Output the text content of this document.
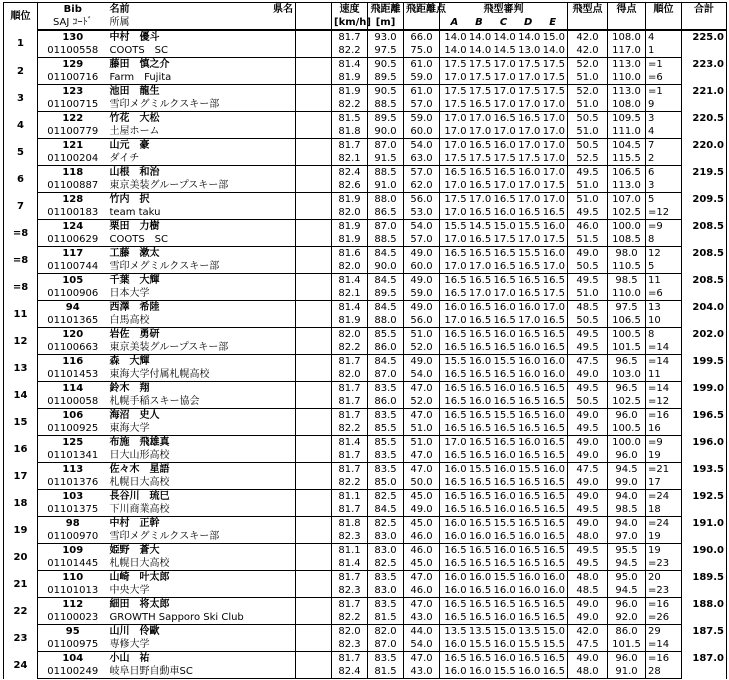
順位	Bib	名前 県名		速度	飛距離	飛距離点	飛型審判	飛型点	得点	順位	合計
	SAJ ｺｰﾄﾞ	所属		[km/h]	[m]		A B C D E				
1	130	中村　優斗		81.7	93.0	66.0	14.0 14.0 14.0 14.0 15.0	42.0	108.0	4	225.0
	01100558	COOTS　SC		82.2	97.5	75.0	14.0 14.0 14.5 13.0 14.0	42.0	117.0	1	
2	129	藤田　慎之介		81.4	90.5	61.0	17.5 17.5 17.0 17.5 17.5	52.0	113.0	=1	223.0
	01100716	Farm　Fujita		81.9	89.5	59.0	17.0 17.5 17.0 17.0 17.5	51.0	110.0	=6	
3	123	池田　龍生		81.9	90.5	61.0	17.5 17.5 17.0 17.5 17.5	52.0	113.0	=1	221.0
	01100715	雪印メグミルクスキー部		82.2	88.5	57.0	17.5 16.5 17.0 17.0 17.0	51.0	108.0	9	
4	122	竹花　大松		81.5	89.5	59.0	17.0 17.0 16.5 16.5 17.0	50.5	109.5	3	220.5
	01100779	土屋ホーム		81.8	90.0	60.0	17.0 17.0 17.0 17.0 17.0	51.0	111.0	4	
5	121	山元　豪		81.7	87.0	54.0	17.0 16.5 16.0 17.0 17.0	50.5	104.5	7	220.0
	01100204	ダイチ		82.1	91.5	63.0	17.5 17.5 17.5 17.5 17.0	52.5	115.5	2	
6	118	山根　和治		82.4	88.5	57.0	16.5 16.5 16.5 16.0 17.0	49.5	106.5	6	219.5
	01100887	東京美装グループスキー部		82.6	91.0	62.0	17.0 16.5 17.0 17.0 17.5	51.0	113.0	3	
7	128	竹内　択		81.9	88.0	56.0	17.5 17.0 16.5 17.0 17.0	51.0	107.0	5	209.5
	01100183	team taku		82.0	86.5	53.0	17.0 16.5 16.0 16.5 16.5	49.5	102.5	=12	
=8	124	栗田　力樹		81.9	87.0	54.0	15.5 14.5 15.0 15.5 16.0	46.0	100.0	=9	208.5
	01100629	COOTS　SC		81.9	88.5	57.0	17.0 16.5 17.5 17.0 17.5	51.5	108.5	8	
=8	117	工藤　漱太		81.6	84.5	49.0	16.5 16.5 16.5 15.5 16.0	49.0	98.0	12	208.5
	01100744	雪印メグミルクスキー部		82.0	90.0	60.0	17.0 17.0 16.5 16.5 17.0	50.5	110.5	5	
=8	105	千葉　大輝		81.4	84.5	49.0	16.5 16.5 16.5 16.5 16.5	49.5	98.5	11	208.5
	01100906	日本大学		82.1	89.5	59.0	16.5 17.0 17.0 16.5 17.5	51.0	110.0	=6	
11	94	西澤　希陸		81.4	84.5	49.0	16.0 16.5 16.0 16.0 17.0	48.5	97.5	13	204.0
	01101365	白馬高校		81.9	88.0	56.0	17.0 16.5 16.5 17.0 16.5	50.5	106.5	10	
12	120	岩佐　勇研		82.0	85.5	51.0	16.5 16.5 16.0 16.5 16.5	49.5	100.5	8	202.0
	01100663	東京美装グループスキー部		82.2	86.0	52.0	16.5 16.5 16.5 16.0 16.5	49.5	101.5	=14	
13	116	森　大輝		81.7	84.5	49.0	15.5 16.0 15.5 16.0 16.0	47.5	96.5	=14	199.5
	01101453	東海大学付属札幌高校		82.0	87.0	54.0	16.5 16.5 16.5 16.0 16.0	49.0	103.0	11	
14	114	鈴木　翔		81.7	83.5	47.0	16.5 16.5 16.0 16.5 16.5	49.5	96.5	=14	199.0
	01100058	札幌手稲スキー協会		81.7	86.0	52.0	16.5 16.0 16.5 16.5 16.5	50.5	102.5	=12	
15	106	海沼　史人		81.7	83.5	47.0	16.5 16.5 15.5 16.5 16.0	49.0	96.0	=16	196.5
	01100925	東海大学		82.2	85.5	51.0	16.5 16.5 16.5 16.5 16.5	49.5	100.5	16	
16	125	布施　飛雄真		81.4	85.5	51.0	17.0 16.5 16.5 16.0 16.5	49.0	100.0	=9	196.0
	01101341	日大山形高校		81.7	83.5	47.0	16.5 16.5 16.0 16.5 16.5	49.0	96.0	19	
17	113	佐々木　星語		81.7	83.5	47.0	16.0 15.5 16.0 15.5 16.0	47.5	94.5	=21	193.5
	01101376	札幌日大高校		82.2	85.0	50.0	16.5 16.5 16.5 16.5 16.5	49.0	99.0	17	
18	103	長谷川　琉巳		81.1	82.5	45.0	16.5 16.5 16.0 16.5 16.5	49.0	94.0	=24	192.5
	01101375	下川商業高校		81.7	84.5	49.0	16.5 16.5 16.0 16.5 16.5	49.5	98.5	18	
19	98	中村　正幹		81.8	82.5	45.0	16.0 16.5 15.5 16.5 16.5	49.0	94.0	=24	191.0
	01100970	雪印メグミルクスキー部		82.3	83.0	46.0	16.0 16.0 16.5 16.0 16.5	48.0	97.0	19	
20	109	姫野　蒼大		81.1	83.0	46.0	16.5 16.5 16.0 16.5 16.5	49.5	95.5	19	190.0
	01101445	札幌日大高校		81.4	82.5	45.0	16.5 16.5 16.5 16.5 16.5	49.5	94.5	=23	
21	110	山崎　叶太郎		81.7	83.5	47.0	16.0 16.0 15.5 16.0 16.0	48.0	95.0	20	189.5
	01101013	中央大学		82.3	83.0	46.0	16.0 16.5 16.0 16.0 16.0	48.5	94.5	=23	
22	112	細田　将太郎		81.7	83.5	47.0	16.5 16.5 16.5 16.5 16.5	49.0	96.0	=16	188.0
	01100023	GROWTH Sapporo Ski Club		82.2	81.5	43.0	16.5 16.5 16.0 16.5 16.5	49.0	92.0	=26	
23	95	山川　伶歐		82.0	82.0	44.0	13.5 13.5 15.0 13.5 15.0	42.0	86.0	29	187.5
	01100975	専修大学		82.3	87.0	54.0	16.0 15.5 16.0 15.5 15.5	47.5	101.5	=14	
24	104	小山　祐		81.7	83.5	47.0	16.5 16.5 16.0 16.5 16.5	49.0	96.0	=16	187.0
	01100249	岐阜日野自動車SC		82.4	81.5	43.0	16.0 16.0 15.5 16.0 16.5	48.0	91.0	28	
